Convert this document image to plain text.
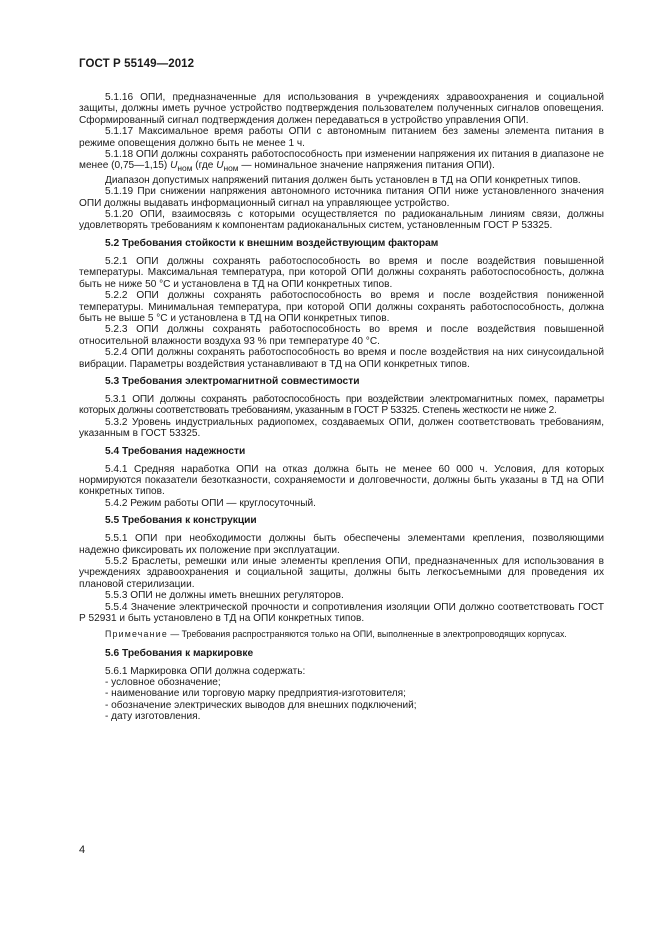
ГОСТ Р 55149—2012

5.1.16 ОПИ, предназначенные для использования в учреждениях здравоохранения и социальной защиты, должны иметь ручное устройство подтверждения пользователем полученных сигналов оповещения. Сформированный сигнал подтверждения должен передаваться в устройство управления ОПИ.

5.1.17 Максимальное время работы ОПИ с автономным питанием без замены элемента питания в режиме оповещения должно быть не менее 1 ч.

5.1.18 ОПИ должны сохранять работоспособность при изменении напряжения их питания в диапазоне не менее (0,75—1,15) $U_{ном}$ (где $U_{ном}$ — номинальное значение напряжения питания ОПИ).

Диапазон допустимых напряжений питания должен быть установлен в ТД на ОПИ конкретных типов.

5.1.19 При снижении напряжения автономного источника питания ОПИ ниже установленного значения ОПИ должны выдавать информационный сигнал на управляющее устройство.

5.1.20 ОПИ, взаимосвязь с которыми осуществляется по радиоканальным линиям связи, должны удовлетворять требованиям к компонентам радиоканальных систем, установленным ГОСТ Р 53325.

5.2 Требования стойкости к внешним воздействующим факторам

5.2.1 ОПИ должны сохранять работоспособность во время и после воздействия повышенной температуры. Максимальная температура, при которой ОПИ должны сохранять работоспособность, должна быть не ниже 50 °С и установлена в ТД на ОПИ конкретных типов.

5.2.2 ОПИ должны сохранять работоспособность во время и после воздействия пониженной температуры. Минимальная температура, при которой ОПИ должны сохранять работоспособность, должна быть не выше 5 °С и установлена в ТД на ОПИ конкретных типов.

5.2.3 ОПИ должны сохранять работоспособность во время и после воздействия повышенной относительной влажности воздуха 93 % при температуре 40 °С.

5.2.4 ОПИ должны сохранять работоспособность во время и после воздействия на них синусоидальной вибрации. Параметры воздействия устанавливают в ТД на ОПИ конкретных типов.

5.3 Требования электромагнитной совместимости

5.3.1 ОПИ должны сохранять работоспособность при воздействии электромагнитных помех, параметры которых должны соответствовать требованиям, указанным в ГОСТ Р 53325. Степень жесткости не ниже 2.

5.3.2 Уровень индустриальных радиопомех, создаваемых ОПИ, должен соответствовать требованиям, указанным в ГОСТ 53325.

5.4 Требования надежности

5.4.1 Средняя наработка ОПИ на отказ должна быть не менее 60 000 ч. Условия, для которых нормируются показатели безотказности, сохраняемости и долговечности, должны быть указаны в ТД на ОПИ конкретных типов.

5.4.2 Режим работы ОПИ — круглосуточный.

5.5 Требования к конструкции

5.5.1 ОПИ при необходимости должны быть обеспечены элементами крепления, позволяющими надежно фиксировать их положение при эксплуатации.

5.5.2 Браслеты, ремешки или иные элементы крепления ОПИ, предназначенных для использования в учреждениях здравоохранения и социальной защиты, должны быть легкосъемными для проведения их плановой стерилизации.

5.5.3 ОПИ не должны иметь внешних регуляторов.

5.5.4 Значение электрической прочности и сопротивления изоляции ОПИ должно соответствовать ГОСТ Р 52931 и быть установлено в ТД на ОПИ конкретных типов.

Примечание — Требования распространяются только на ОПИ, выполненные в электропроводящих корпусах.

5.6 Требования к маркировке

5.6.1 Маркировка ОПИ должна содержать:

- условное обозначение;

- наименование или торговую марку предприятия-изготовителя;

- обозначение электрических выводов для внешних подключений;

- дату изготовления.

4
